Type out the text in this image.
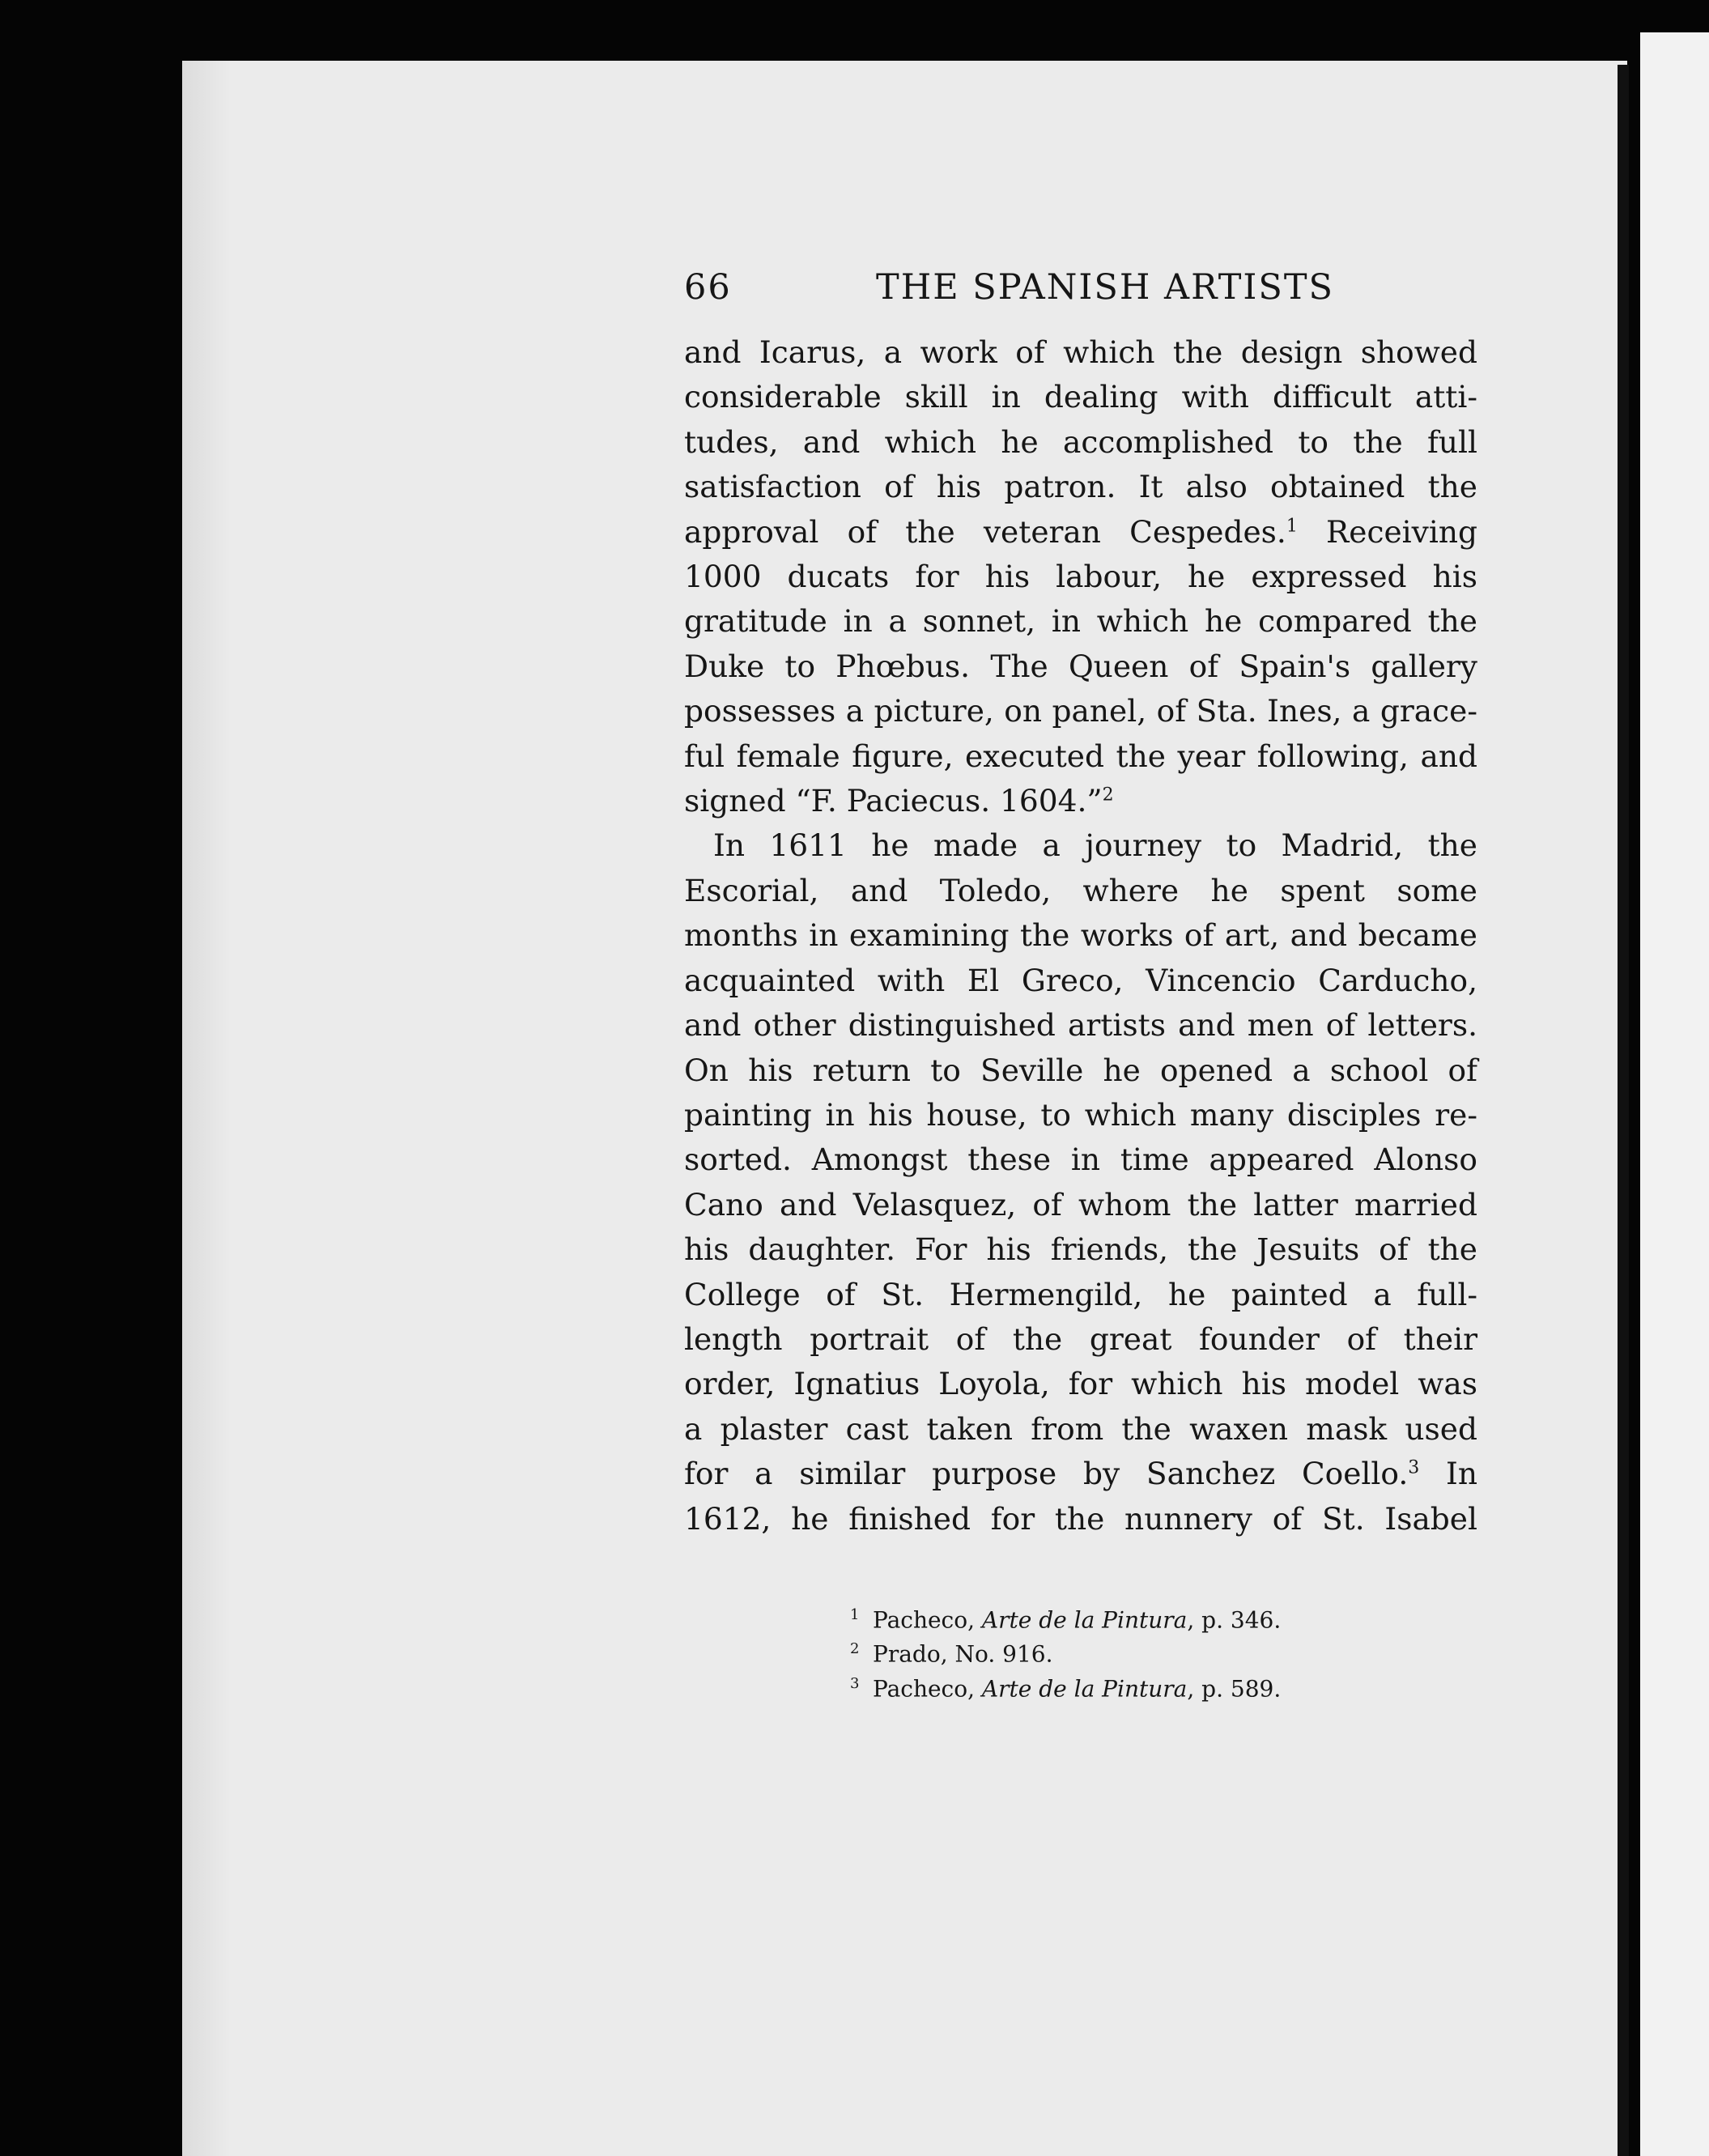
66	THE SPANISH ARTISTS
and Icarus, a work of which the design showed
considerable skill in dealing with difficult atti-
tudes, and which he accomplished to the full
satisfaction of his patron. It also obtained the
approval of the veteran Cespedes.$^1$ Receiving
1000 ducats for his labour, he expressed his
gratitude in a sonnet, in which he compared the
Duke to Phœbus. The Queen of Spain's gallery
possesses a picture, on panel, of Sta. Ines, a grace-
ful female figure, executed the year following, and
signed “F. Paciecus. 1604.”$^2$
In 1611 he made a journey to Madrid, the
Escorial, and Toledo, where he spent some
months in examining the works of art, and became
acquainted with El Greco, Vincencio Carducho,
and other distinguished artists and men of letters.
On his return to Seville he opened a school of
painting in his house, to which many disciples re-
sorted. Amongst these in time appeared Alonso
Cano and Velasquez, of whom the latter married
his daughter. For his friends, the Jesuits of the
College of St. Hermengild, he painted a full-
length portrait of the great founder of their
order, Ignatius Loyola, for which his model was
a plaster cast taken from the waxen mask used
for a similar purpose by Sanchez Coello.$^3$ In
1612, he finished for the nunnery of St. Isabel
1 Pacheco, Arte de la Pintura, p. 346.
2 Prado, No. 916.
3 Pacheco, Arte de la Pintura, p. 589.
